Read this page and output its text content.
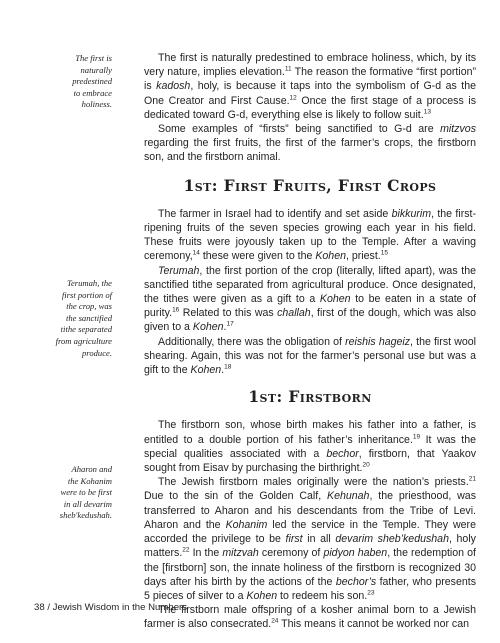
The first is
naturally
predestined
to embrace
holiness.
Terumah, the
first portion of
the crop, was
the sanctified
tithe separated
from agriculture
produce.
Aharon and
the Kohanim
were to be first
in all devarim
sheb'kedushah.

The first is naturally predestined to embrace holiness, which, by its very nature, implies elevation.$^{11}$ The reason the formative “first portion” is kadosh, holy, is because it taps into the symbolism of G-d as the One Creator and First Cause.$^{12}$ Once the first stage of a process is dedicated toward G-d, everything else is likely to follow suit.$^{13}$

Some examples of “firsts” being sanctified to G-d are mitzvos regarding the first fruits, the first of the farmer’s crops, the firstborn son, and the firstborn animal.

1st: First Fruits, First Crops

The farmer in Israel had to identify and set aside bikkurim, the first-ripening fruits of the seven species growing each year in his field. These fruits were joyously taken up to the Temple. After a waving ceremony,$^{14}$ these were given to the Kohen, priest.$^{15}$

Terumah, the first portion of the crop (literally, lifted apart), was the sanctified tithe separated from agricultural produce. Once designated, the tithes were given as a gift to a Kohen to be eaten in a state of purity.$^{16}$ Related to this was challah, first of the dough, which was also given to a Kohen.$^{17}$

Additionally, there was the obligation of reishis hageiz, the first wool shearing. Again, this was not for the farmer’s personal use but was a gift to the Kohen.$^{18}$

1st: Firstborn

The firstborn son, whose birth makes his father into a father, is entitled to a double portion of his father’s inheritance.$^{19}$ It was the special qualities associated with a bechor, firstborn, that Yaakov sought from Eisav by purchasing the birthright.$^{20}$

The Jewish firstborn males originally were the nation’s priests.$^{21}$ Due to the sin of the Golden Calf, Kehunah, the priesthood, was transferred to Aharon and his descendants from the Tribe of Levi. Aharon and the Kohanim led the service in the Temple. They were accorded the privilege to be first in all devarim sheb’kedushah, holy matters.$^{22}$ In the mitzvah ceremony of pidyon haben, the redemption of the [firstborn] son, the innate holiness of the firstborn is recognized 30 days after his birth by the actions of the bechor’s father, who presents 5 pieces of silver to a Kohen to redeem his son.$^{23}$

The firstborn male offspring of a kosher animal born to a Jewish farmer is also consecrated.$^{24}$ This means it cannot be worked nor can

38 / Jewish Wisdom in the Numbers
